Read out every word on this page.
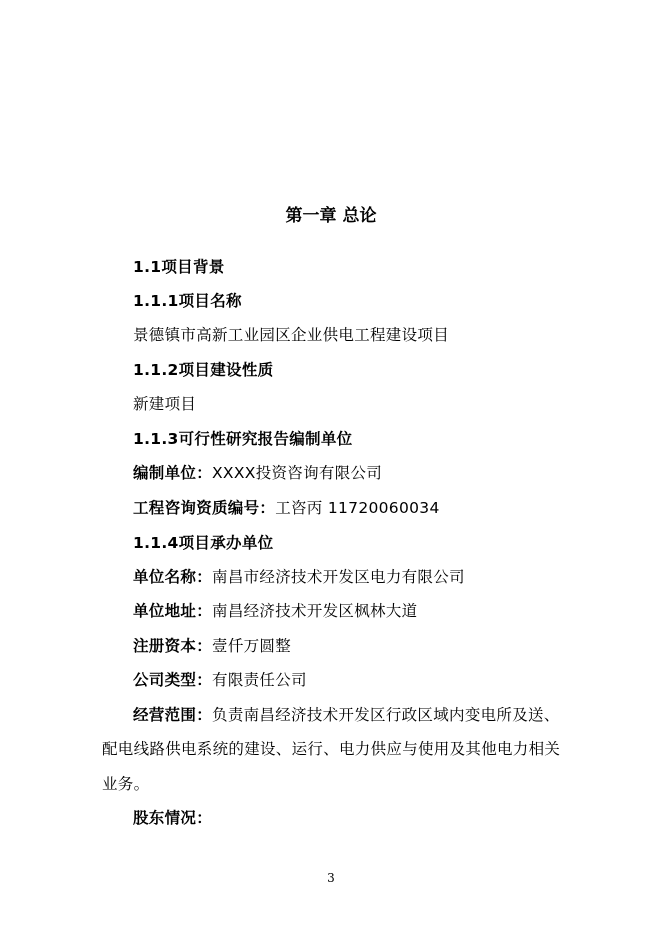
第一章 总论
1.1项目背景
1.1.1项目名称
景德镇市高新工业园区企业供电工程建设项目
1.1.2项目建设性质
新建项目
1.1.3可行性研究报告编制单位
编制单位：XXXX投资咨询有限公司
工程咨询资质编号：工咨丙 11720060034
1.1.4项目承办单位
单位名称：南昌市经济技术开发区电力有限公司
单位地址：南昌经济技术开发区枫林大道
注册资本：壹仟万圆整
公司类型：有限责任公司
经营范围：负责南昌经济技术开发区行政区域内变电所及送、
配电线路供电系统的建设、运行、电力供应与使用及其他电力相关
业务。
股东情况：
3
